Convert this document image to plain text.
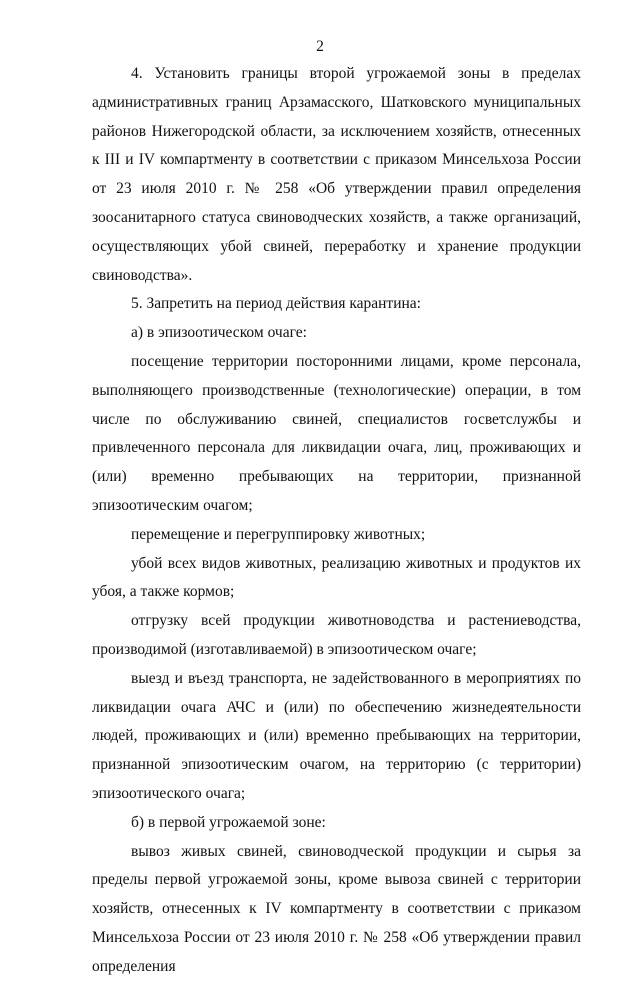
2

4. Установить границы второй угрожаемой зоны в пределах административных границ Арзамасского, Шатковского муниципальных районов Нижегородской области, за исключением хозяйств, отнесенных к III и IV компартменту в соответствии с приказом Минсельхоза России от 23 июля 2010 г. № 258 «Об утверждении правил определения зоосанитарного статуса свиноводческих хозяйств, а также организаций, осуществляющих убой свиней, переработку и хранение продукции свиноводства».

5. Запретить на период действия карантина:

а) в эпизоотическом очаге:

посещение территории посторонними лицами, кроме персонала, выполняющего производственные (технологические) операции, в том числе по обслуживанию свиней, специалистов госветслужбы и привлеченного персонала для ликвидации очага, лиц, проживающих и (или) временно пребывающих на территории, признанной эпизоотическим очагом;

перемещение и перегруппировку животных;

убой всех видов животных, реализацию животных и продуктов их убоя, а также кормов;

отгрузку всей продукции животноводства и растениеводства, производимой (изготавливаемой) в эпизоотическом очаге;

выезд и въезд транспорта, не задействованного в мероприятиях по ликвидации очага АЧС и (или) по обеспечению жизнедеятельности людей, проживающих и (или) временно пребывающих на территории, признанной эпизоотическим очагом, на территорию (с территории) эпизоотического очага;

б) в первой угрожаемой зоне:

вывоз живых свиней, свиноводческой продукции и сырья за пределы первой угрожаемой зоны, кроме вывоза свиней с территории хозяйств, отнесенных к IV компартменту в соответствии с приказом Минсельхоза России от 23 июля 2010 г. № 258 «Об утверждении правил определения
